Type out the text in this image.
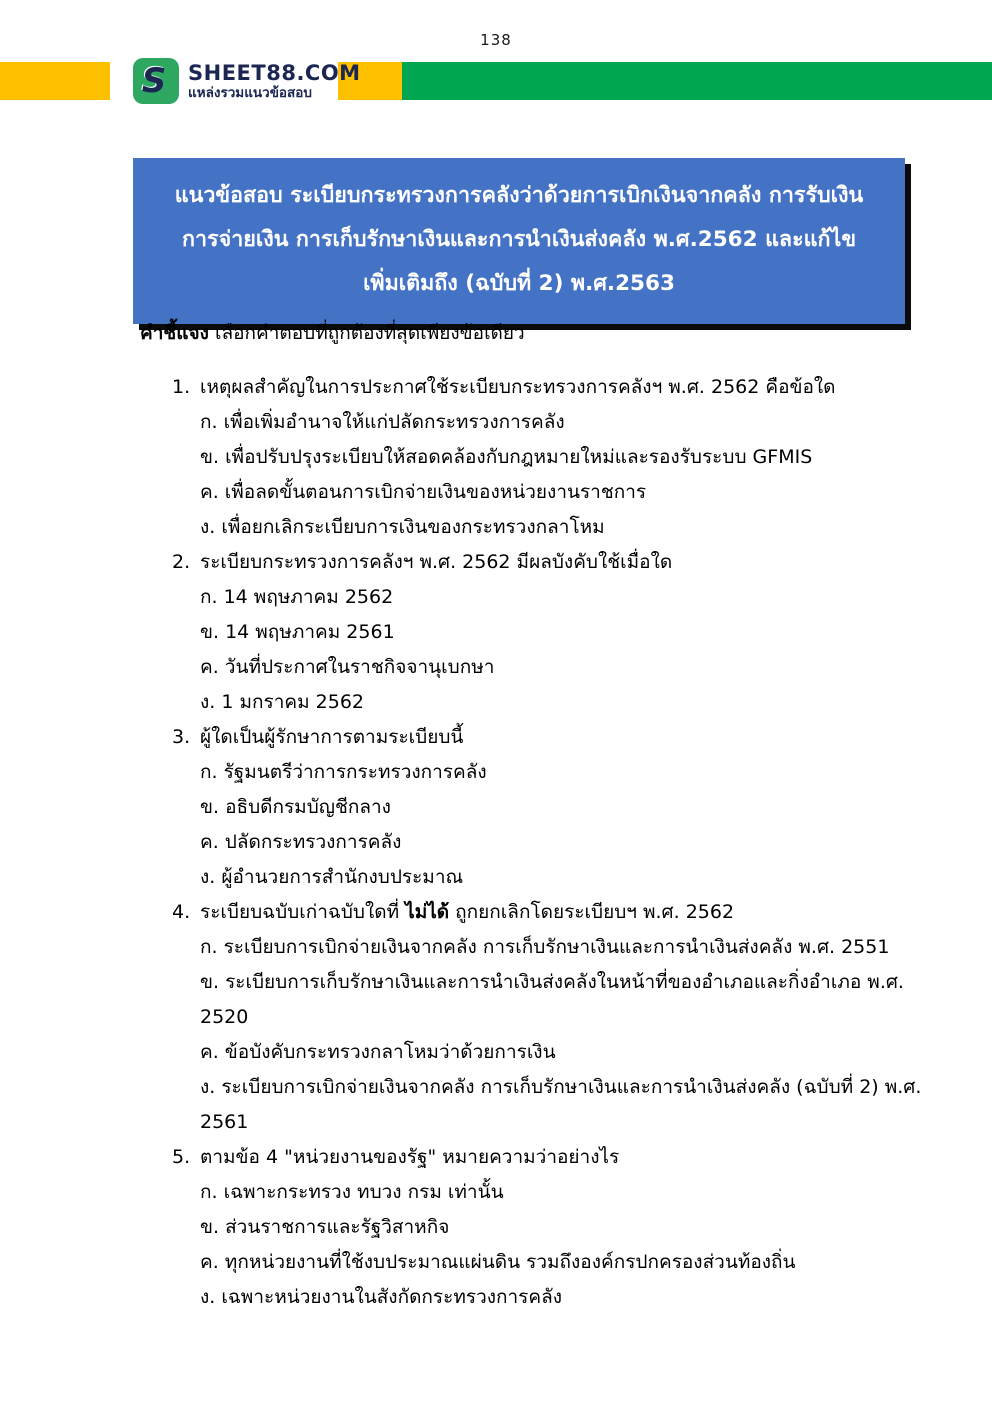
138
S SHEET88.COM
แหล่งรวมแนวข้อสอบ
แนวข้อสอบ ระเบียบกระทรวงการคลังว่าด้วยการเบิกเงินจากคลัง การรับเงิน การจ่ายเงิน การเก็บรักษาเงินและการนำเงินส่งคลัง พ.ศ.2562 และแก้ไขเพิ่มเติมถึง (ฉบับที่ 2) พ.ศ.2563
คำชี้แจง เลือกคำตอบที่ถูกต้องที่สุดเพียงข้อเดียว
1. เหตุผลสำคัญในการประกาศใช้ระเบียบกระทรวงการคลังฯ พ.ศ. 2562 คือข้อใด
ก. เพื่อเพิ่มอำนาจให้แก่ปลัดกระทรวงการคลัง
ข. เพื่อปรับปรุงระเบียบให้สอดคล้องกับกฎหมายใหม่และรองรับระบบ GFMIS
ค. เพื่อลดขั้นตอนการเบิกจ่ายเงินของหน่วยงานราชการ
ง. เพื่อยกเลิกระเบียบการเงินของกระทรวงกลาโหม
2. ระเบียบกระทรวงการคลังฯ พ.ศ. 2562 มีผลบังคับใช้เมื่อใด
ก. 14 พฤษภาคม 2562
ข. 14 พฤษภาคม 2561
ค. วันที่ประกาศในราชกิจจานุเบกษา
ง. 1 มกราคม 2562
3. ผู้ใดเป็นผู้รักษาการตามระเบียบนี้
ก. รัฐมนตรีว่าการกระทรวงการคลัง
ข. อธิบดีกรมบัญชีกลาง
ค. ปลัดกระทรวงการคลัง
ง. ผู้อำนวยการสำนักงบประมาณ
4. ระเบียบฉบับเก่าฉบับใดที่ ไม่ได้ ถูกยกเลิกโดยระเบียบฯ พ.ศ. 2562
ก. ระเบียบการเบิกจ่ายเงินจากคลัง การเก็บรักษาเงินและการนำเงินส่งคลัง พ.ศ. 2551
ข. ระเบียบการเก็บรักษาเงินและการนำเงินส่งคลังในหน้าที่ของอำเภอและกิ่งอำเภอ พ.ศ. 2520
ค. ข้อบังคับกระทรวงกลาโหมว่าด้วยการเงิน
ง. ระเบียบการเบิกจ่ายเงินจากคลัง การเก็บรักษาเงินและการนำเงินส่งคลัง (ฉบับที่ 2) พ.ศ. 2561
5. ตามข้อ 4 "หน่วยงานของรัฐ" หมายความว่าอย่างไร
ก. เฉพาะกระทรวง ทบวง กรม เท่านั้น
ข. ส่วนราชการและรัฐวิสาหกิจ
ค. ทุกหน่วยงานที่ใช้งบประมาณแผ่นดิน รวมถึงองค์กรปกครองส่วนท้องถิ่น
ง. เฉพาะหน่วยงานในสังกัดกระทรวงการคลัง
